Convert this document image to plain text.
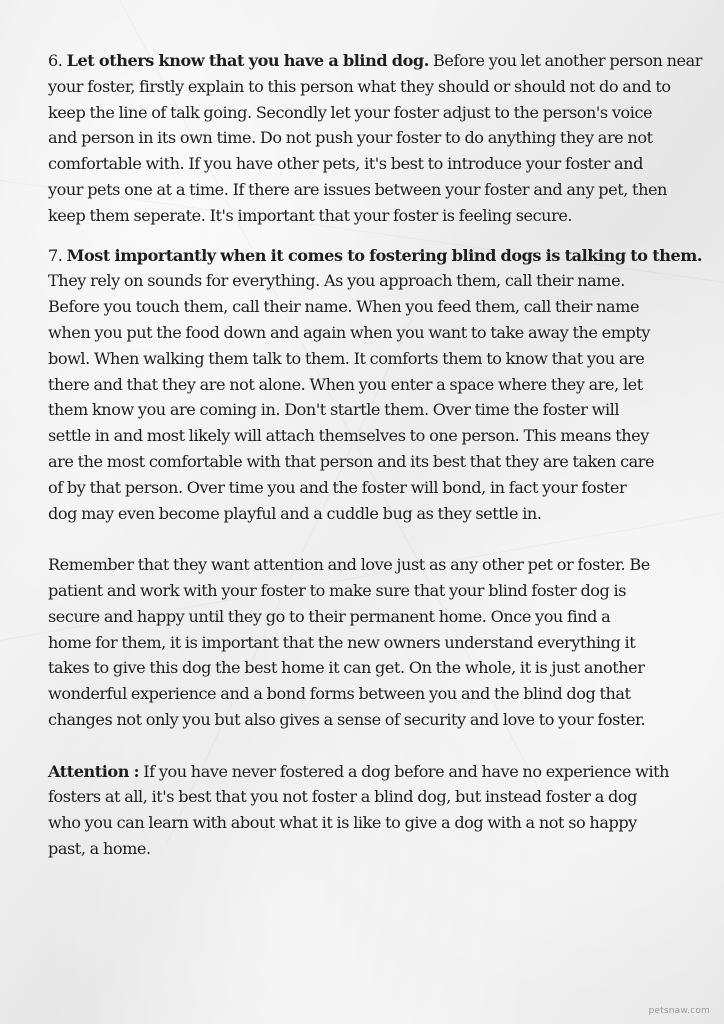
6. Let others know that you have a blind dog. Before you let another person near
your foster, firstly explain to this person what they should or should not do and to
keep the line of talk going. Secondly let your foster adjust to the person's voice
and person in its own time. Do not push your foster to do anything they are not
comfortable with. If you have other pets, it's best to introduce your foster and
your pets one at a time. If there are issues between your foster and any pet, then
keep them seperate. It's important that your foster is feeling secure.
7. Most importantly when it comes to fostering blind dogs is talking to them.
They rely on sounds for everything. As you approach them, call their name.
Before you touch them, call their name. When you feed them, call their name
when you put the food down and again when you want to take away the empty
bowl. When walking them talk to them. It comforts them to know that you are
there and that they are not alone. When you enter a space where they are, let
them know you are coming in. Don't startle them. Over time the foster will
settle in and most likely will attach themselves to one person. This means they
are the most comfortable with that person and its best that they are taken care
of by that person. Over time you and the foster will bond, in fact your foster
dog may even become playful and a cuddle bug as they settle in.
Remember that they want attention and love just as any other pet or foster. Be
patient and work with your foster to make sure that your blind foster dog is
secure and happy until they go to their permanent home. Once you find a
home for them, it is important that the new owners understand everything it
takes to give this dog the best home it can get. On the whole, it is just another
wonderful experience and a bond forms between you and the blind dog that
changes not only you but also gives a sense of security and love to your foster.
Attention : If you have never fostered a dog before and have no experience with
fosters at all, it's best that you not foster a blind dog, but instead foster a dog
who you can learn with about what it is like to give a dog with a not so happy
past, a home.
petsnaw.com
